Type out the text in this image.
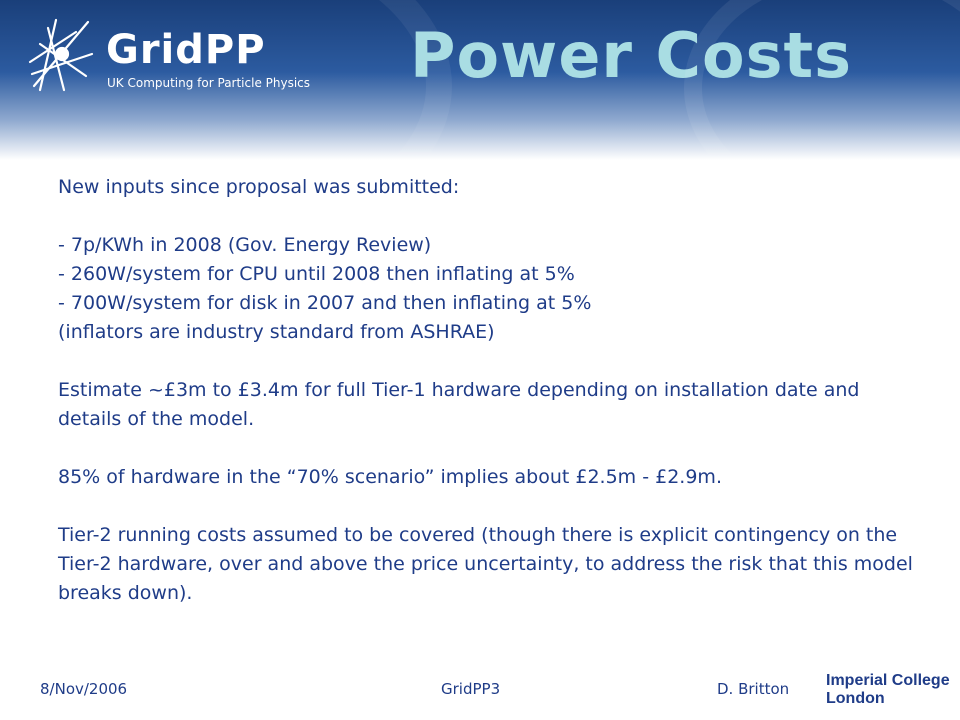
GridPP
UK Computing for Particle Physics Power Costs

New inputs since proposal was submitted:

- 7p/KWh in 2008 (Gov. Energy Review)

- 260W/system for CPU until 2008 then inflating at 5%

- 700W/system for disk in 2007 and then inflating at 5%

(inflators are industry standard from ASHRAE)

Estimate ~£3m to £3.4m for full Tier-1 hardware depending on installation date and details of the model.

85% of hardware in the “70% scenario” implies about £2.5m - £2.9m.

Tier-2 running costs assumed to be covered (though there is explicit contingency on the Tier-2 hardware, over and above the price uncertainty, to address the risk that this model breaks down).

8/Nov/2006	GridPP3	D. Britton Imperial College
London
